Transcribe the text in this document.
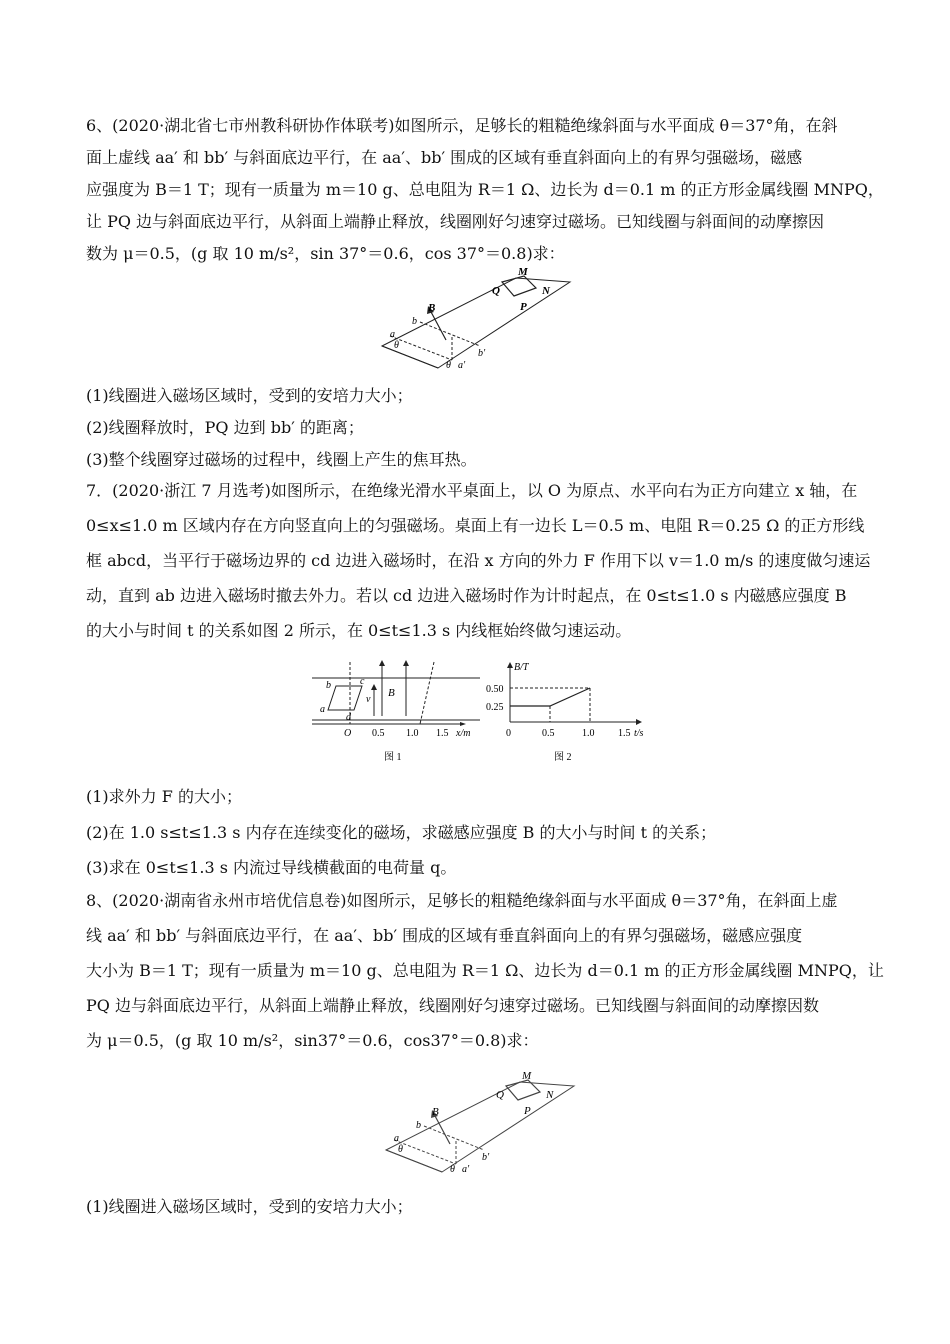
6、(2020·湖北省七市州教科研协作体联考)如图所示，足够长的粗糙绝缘斜面与水平面成 θ＝37°角，在斜
面上虚线 aa′ 和 bb′ 与斜面底边平行，在 aa′、bb′ 围成的区域有垂直斜面向上的有界匀强磁场，磁感
应强度为 B＝1 T；现有一质量为 m＝10 g、总电阻为 R＝1 Ω、边长为 d＝0.1 m 的正方形金属线圈 MNPQ，
让 PQ 边与斜面底边平行，从斜面上端静止释放，线圈刚好匀速穿过磁场。已知线圈与斜面间的动摩擦因
数为 μ＝0.5，(g 取 10 m/s²，sin 37°＝0.6，cos 37°＝0.8)求：
M
N
P
Q
B
b
a
a′
b′
θ
θ
(1)线圈进入磁场区域时，受到的安培力大小；
(2)线圈释放时，PQ 边到 bb′ 的距离；
(3)整个线圈穿过磁场的过程中，线圈上产生的焦耳热。
7．(2020·浙江 7 月选考)如图所示，在绝缘光滑水平桌面上，以 O 为原点、水平向右为正方向建立 x 轴，在
0≤x≤1.0 m 区域内存在方向竖直向上的匀强磁场。桌面上有一边长 L＝0.5 m、电阻 R＝0.25 Ω 的正方形线
框 abcd，当平行于磁场边界的 cd 边进入磁场时，在沿 x 方向的外力 F 作用下以 v＝1.0 m/s 的速度做匀速运
动，直到 ab 边进入磁场时撤去外力。若以 cd 边进入磁场时作为计时起点，在 0≤t≤1.0 s 内磁感应强度 B
的大小与时间 t 的关系如图 2 所示，在 0≤t≤1.3 s 内线框始终做匀速运动。
a
b	c
d
B
v
O 0.5 1.0 1.5 x/m
图 1
B/T
0.50
0.25
0	0.5	1.0 1.5 t/s
图 2
(1)求外力 F 的大小；
(2)在 1.0 s≤t≤1.3 s 内存在连续变化的磁场，求磁感应强度 B 的大小与时间 t 的关系；
(3)求在 0≤t≤1.3 s 内流过导线横截面的电荷量 q。
8、(2020·湖南省永州市培优信息卷)如图所示，足够长的粗糙绝缘斜面与水平面成 θ＝37°角，在斜面上虚
线 aa′ 和 bb′ 与斜面底边平行，在 aa′、bb′ 围成的区域有垂直斜面向上的有界匀强磁场，磁感应强度
大小为 B＝1 T；现有一质量为 m＝10 g、总电阻为 R＝1 Ω、边长为 d＝0.1 m 的正方形金属线圈 MNPQ，让
PQ 边与斜面底边平行，从斜面上端静止释放，线圈刚好匀速穿过磁场。已知线圈与斜面间的动摩擦因数
为 μ＝0.5，(g 取 10 m/s²，sin37°＝0.6，cos37°＝0.8)求：
M
N
P
Q
B
b
a
a′
b′
θ
θ
(1)线圈进入磁场区域时，受到的安培力大小；
